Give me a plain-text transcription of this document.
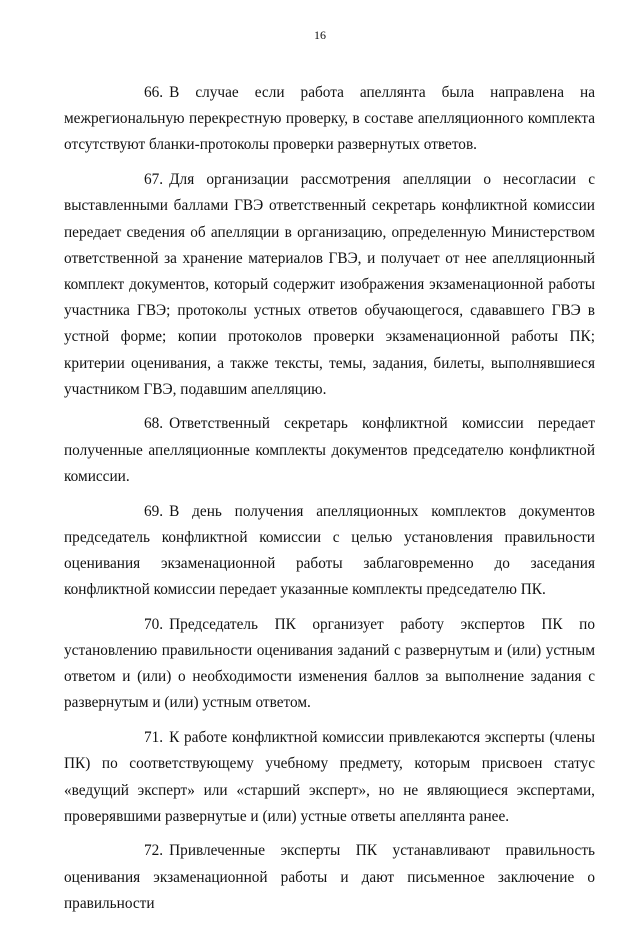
16

66. В случае если работа апеллянта была направлена на межрегиональную перекрестную проверку, в составе апелляционного комплекта отсутствуют бланки-протоколы проверки развернутых ответов.

67. Для организации рассмотрения апелляции о несогласии с выставленными баллами ГВЭ ответственный секретарь конфликтной комиссии передает сведения об апелляции в организацию, определенную Министерством ответственной за хранение материалов ГВЭ, и получает от нее апелляционный комплект документов, который содержит изображения экзаменационной работы участника ГВЭ; протоколы устных ответов обучающегося, сдававшего ГВЭ в устной форме; копии протоколов проверки экзаменационной работы ПК; критерии оценивания, а также тексты, темы, задания, билеты, выполнявшиеся участником ГВЭ, подавшим апелляцию.

68. Ответственный секретарь конфликтной комиссии передает полученные апелляционные комплекты документов председателю конфликтной комиссии.

69. В день получения апелляционных комплектов документов председатель конфликтной комиссии с целью установления правильности оценивания экзаменационной работы заблаговременно до заседания конфликтной комиссии передает указанные комплекты председателю ПК.

70. Председатель ПК организует работу экспертов ПК по установлению правильности оценивания заданий с развернутым и (или) устным ответом и (или) о необходимости изменения баллов за выполнение задания с развернутым и (или) устным ответом.

71. К работе конфликтной комиссии привлекаются эксперты (члены ПК) по соответствующему учебному предмету, которым присвоен статус «ведущий эксперт» или «старший эксперт», но не являющиеся экспертами, проверявшими развернутые и (или) устные ответы апеллянта ранее.

72. Привлеченные эксперты ПК устанавливают правильность оценивания экзаменационной работы и дают письменное заключение о правильности
